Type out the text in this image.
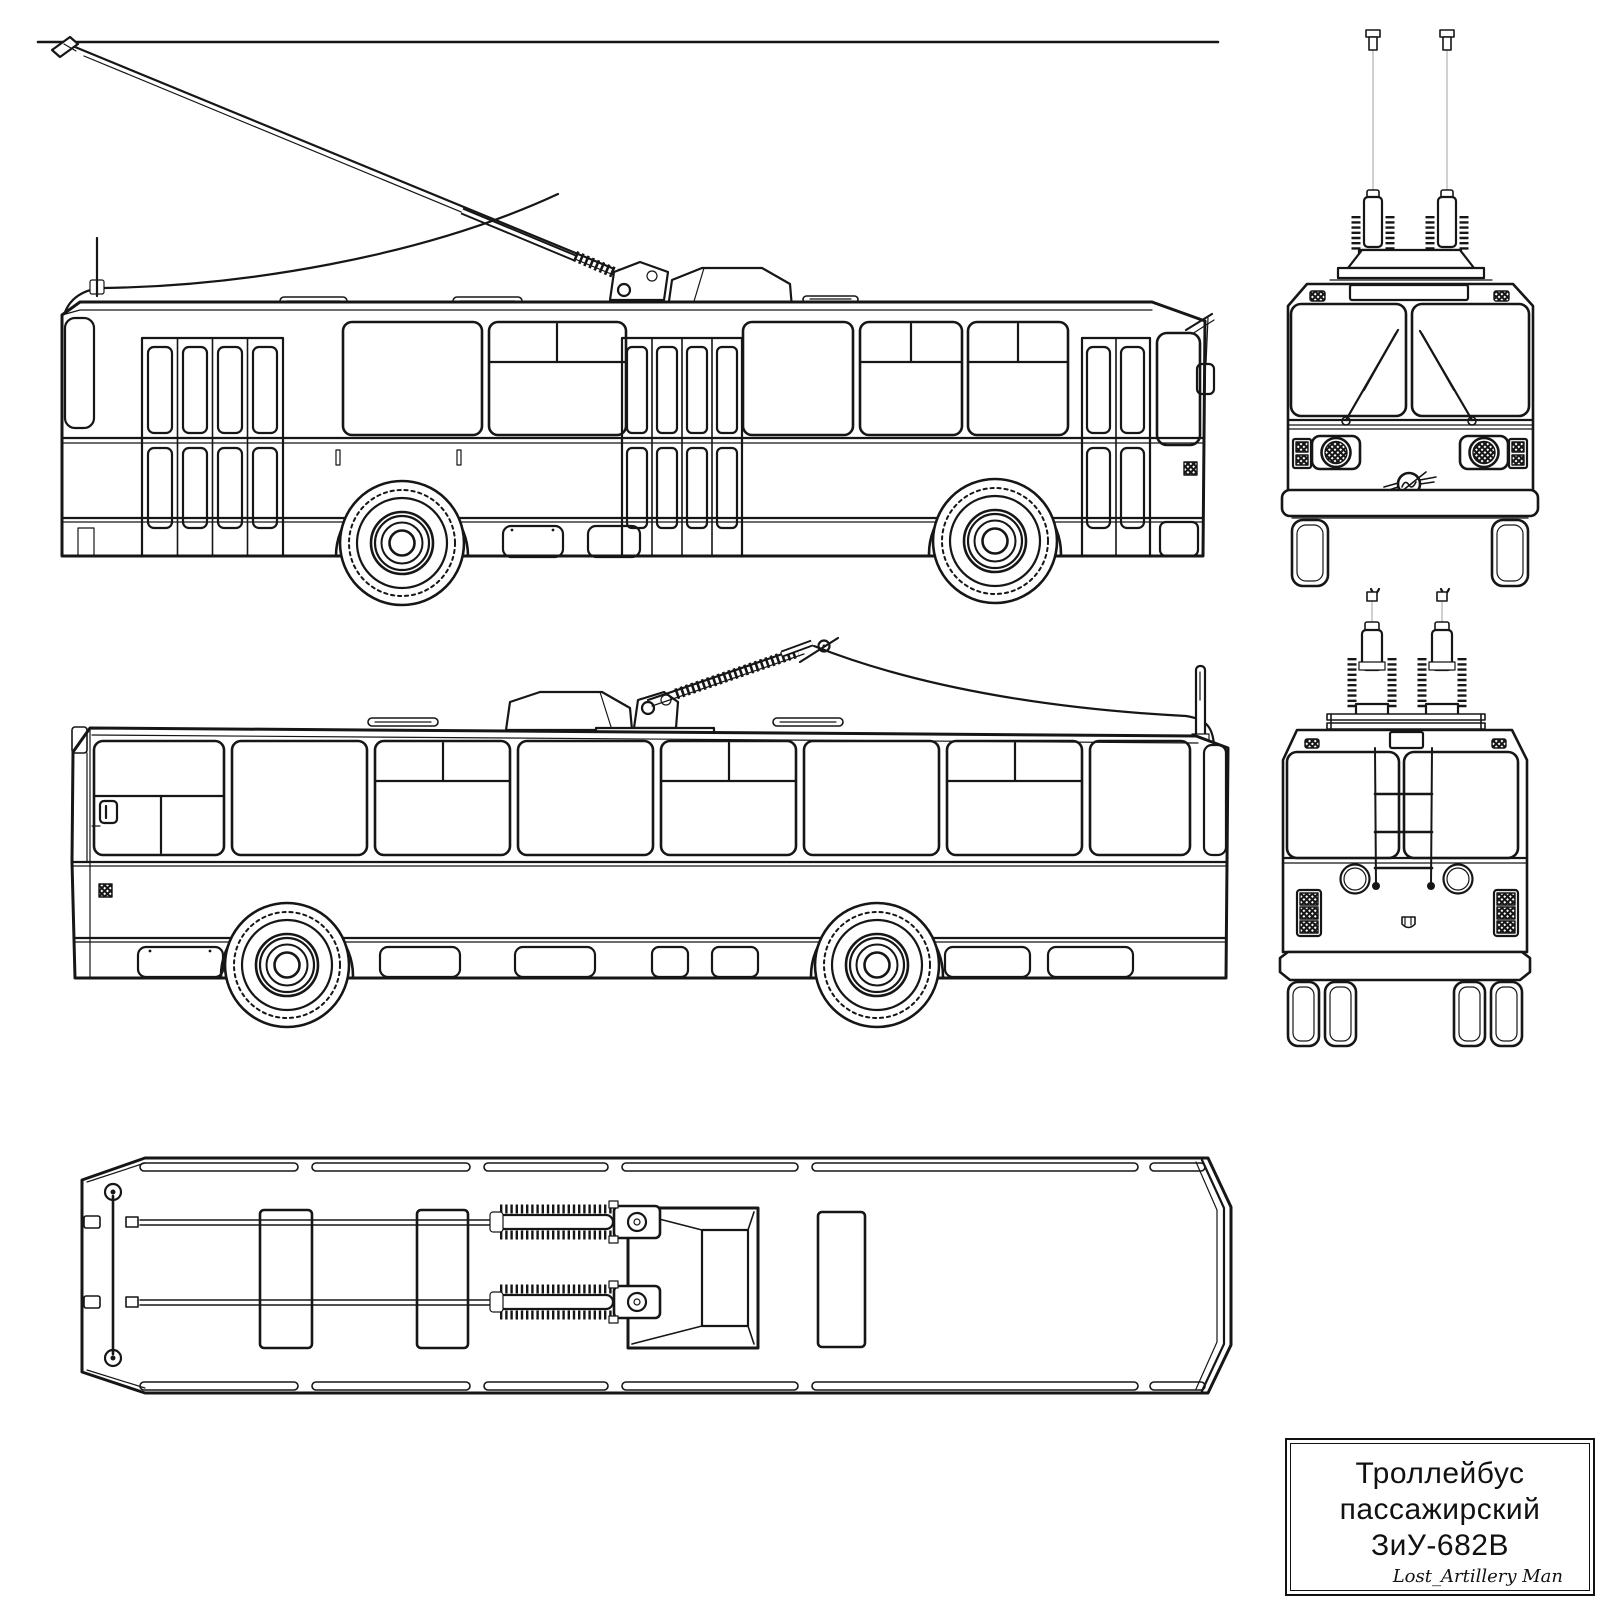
Троллейбус
пассажирский
ЗиУ-682В
Lost_Artillery Man
